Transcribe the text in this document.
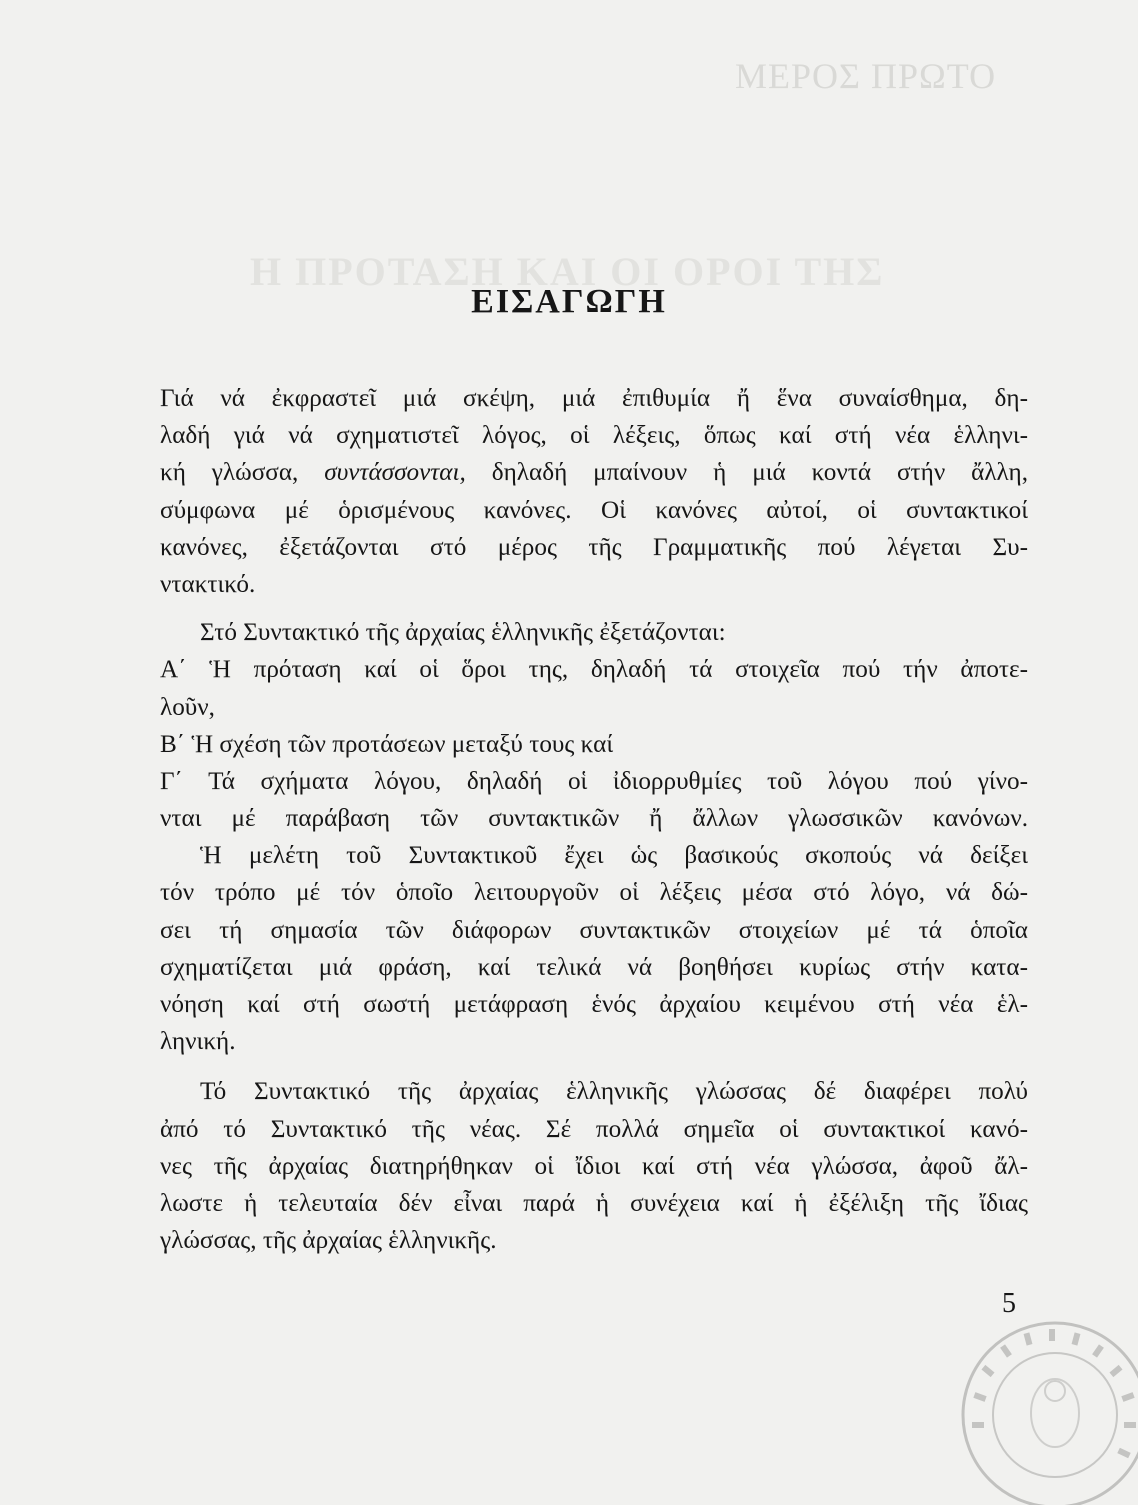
ΜΕΡΟΣ ΠΡΩΤΟ
Η ΠΡΟΤΑΣΗ ΚΑΙ ΟΙ ΟΡΟΙ ΤΗΣ
ΕΙΣΑΓΩΓΗ
Γιά νά ἐκφραστεῖ μιά σκέψη, μιά ἐπιθυμία ἤ ἕνα συναίσθημα, δη-
λαδή γιά νά σχηματιστεῖ λόγος, οἱ λέξεις, ὅπως καί στή νέα ἑλληνι-
κή γλώσσα, συντάσσονται, δηλαδή μπαίνουν ἡ μιά κοντά στήν ἄλλη,
σύμφωνα μέ ὁρισμένους κανόνες. Οἱ κανόνες αὐτοί, οἱ συντακτικοί
κανόνες, ἐξετάζονται στό μέρος τῆς Γραμματικῆς πού λέγεται Συ-
ντακτικό.
Στό Συντακτικό τῆς ἀρχαίας ἑλληνικῆς ἐξετάζονται:
Α΄ Ἡ πρόταση καί οἱ ὅροι της, δηλαδή τά στοιχεῖα πού τήν ἀποτε-
λοῦν,
Β΄ Ἡ σχέση τῶν προτάσεων μεταξύ τους καί
Γ΄ Τά σχήματα λόγου, δηλαδή οἱ ἰδιορρυθμίες τοῦ λόγου πού γίνο-
νται μέ παράβαση τῶν συντακτικῶν ἤ ἄλλων γλωσσικῶν κανόνων.
Ἡ μελέτη τοῦ Συντακτικοῦ ἔχει ὡς βασικούς σκοπούς νά δείξει
τόν τρόπο μέ τόν ὁποῖο λειτουργοῦν οἱ λέξεις μέσα στό λόγο, νά δώ-
σει τή σημασία τῶν διάφορων συντακτικῶν στοιχείων μέ τά ὁποῖα
σχηματίζεται μιά φράση, καί τελικά νά βοηθήσει κυρίως στήν κατα-
νόηση καί στή σωστή μετάφραση ἑνός ἀρχαίου κειμένου στή νέα ἑλ-
ληνική.
Τό Συντακτικό τῆς ἀρχαίας ἑλληνικῆς γλώσσας δέ διαφέρει πολύ
ἀπό τό Συντακτικό τῆς νέας. Σέ πολλά σημεῖα οἱ συντακτικοί κανό-
νες τῆς ἀρχαίας διατηρήθηκαν οἱ ἴδιοι καί στή νέα γλώσσα, ἀφοῦ ἄλ-
λωστε ἡ τελευταία δέν εἶναι παρά ἡ συνέχεια καί ἡ ἐξέλιξη τῆς ἴδιας
γλώσσας, τῆς ἀρχαίας ἑλληνικῆς.
5
